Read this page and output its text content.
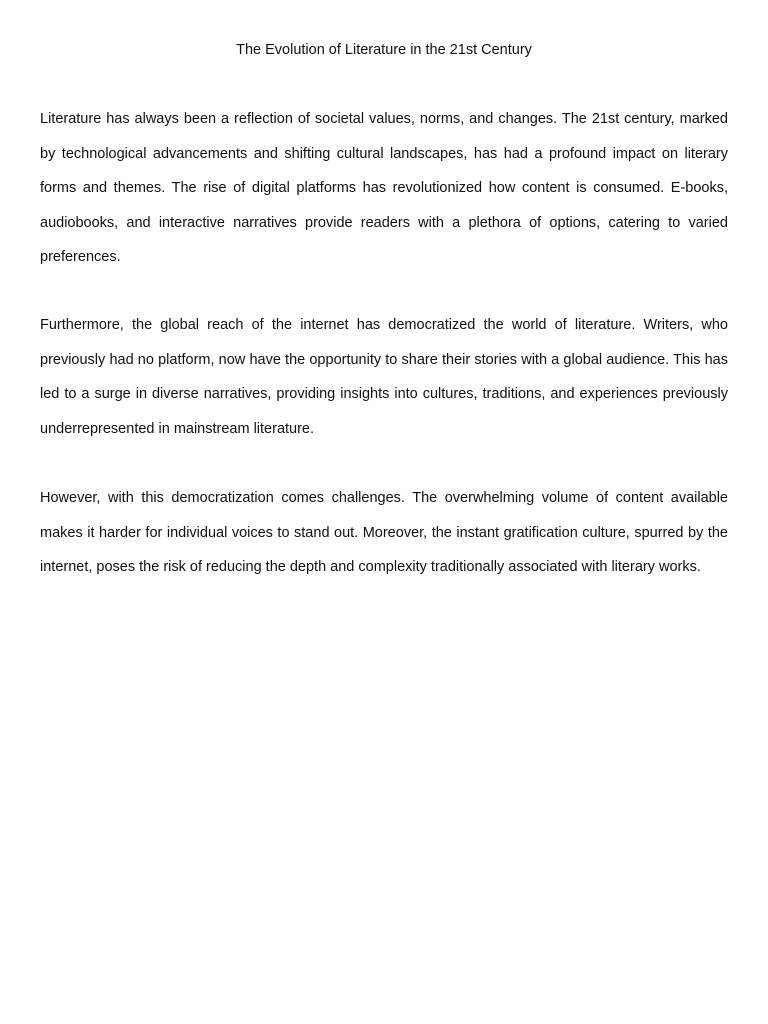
The Evolution of Literature in the 21st Century

Literature has always been a reflection of societal values, norms, and changes. The 21st century, marked by technological advancements and shifting cultural landscapes, has had a profound impact on literary forms and themes. The rise of digital platforms has revolutionized how content is consumed. E-books, audiobooks, and interactive narratives provide readers with a plethora of options, catering to varied preferences.

Furthermore, the global reach of the internet has democratized the world of literature. Writers, who previously had no platform, now have the opportunity to share their stories with a global audience. This has led to a surge in diverse narratives, providing insights into cultures, traditions, and experiences previously underrepresented in mainstream literature.

However, with this democratization comes challenges. The overwhelming volume of content available makes it harder for individual voices to stand out. Moreover, the instant gratification culture, spurred by the internet, poses the risk of reducing the depth and complexity traditionally associated with literary works.
